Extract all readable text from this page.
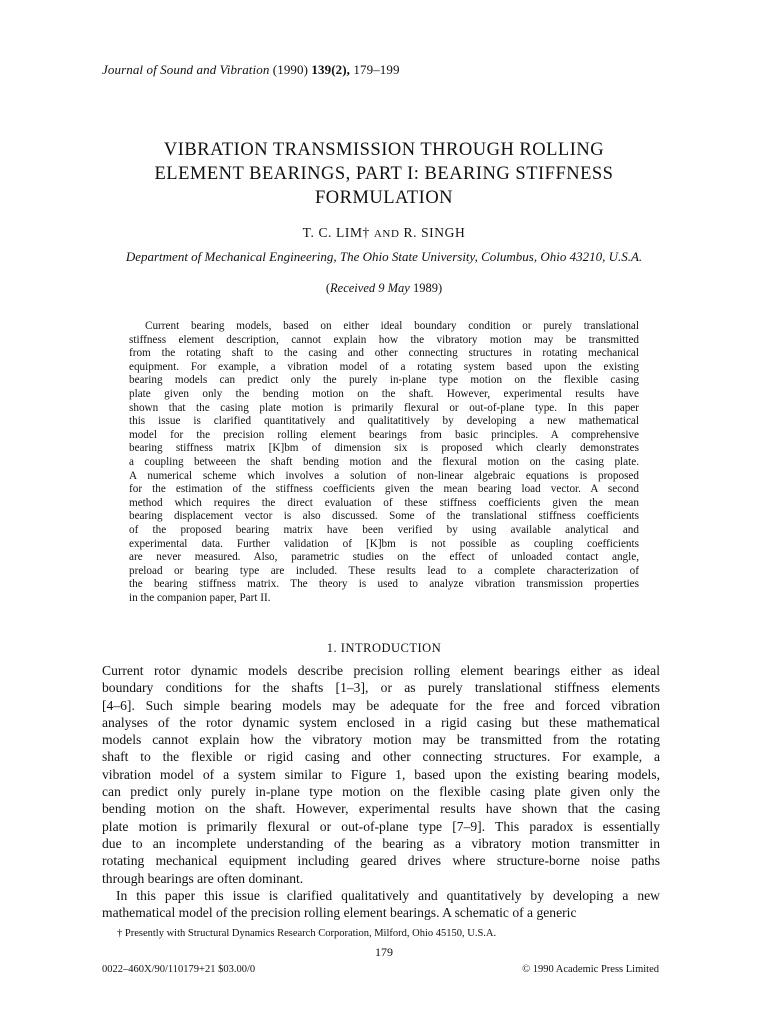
Journal of Sound and Vibration (1990) 139(2), 179–199
VIBRATION TRANSMISSION THROUGH ROLLING
ELEMENT BEARINGS, PART I: BEARING STIFFNESS
FORMULATION
T. C. LIM† AND R. SINGH
Department of Mechanical Engineering, The Ohio State University, Columbus, Ohio 43210, U.S.A.
(Received 9 May 1989)
Current bearing models, based on either ideal boundary condition or purely translational
stiffness element description, cannot explain how the vibratory motion may be transmitted
from the rotating shaft to the casing and other connecting structures in rotating mechanical
equipment. For example, a vibration model of a rotating system based upon the existing
bearing models can predict only the purely in-plane type motion on the flexible casing
plate given only the bending motion on the shaft. However, experimental results have
shown that the casing plate motion is primarily flexural or out-of-plane type. In this paper
this issue is clarified quantitatively and qualitatitively by developing a new mathematical
model for the precision rolling element bearings from basic principles. A comprehensive
bearing stiffness matrix [K]bm of dimension six is proposed which clearly demonstrates
a coupling betweeen the shaft bending motion and the flexural motion on the casing plate.
A numerical scheme which involves a solution of non-linear algebraic equations is proposed
for the estimation of the stiffness coefficients given the mean bearing load vector. A second
method which requires the direct evaluation of these stiffness coefficients given the mean
bearing displacement vector is also discussed. Some of the translational stiffness coefficients
of the proposed bearing matrix have been verified by using available analytical and
experimental data. Further validation of [K]bm is not possible as coupling coefficients
are never measured. Also, parametric studies on the effect of unloaded contact angle,
preload or bearing type are included. These results lead to a complete characterization of
the bearing stiffness matrix. The theory is used to analyze vibration transmission properties
in the companion paper, Part II.
1. INTRODUCTION
Current rotor dynamic models describe precision rolling element bearings either as ideal
boundary conditions for the shafts [1–3], or as purely translational stiffness elements
[4–6]. Such simple bearing models may be adequate for the free and forced vibration
analyses of the rotor dynamic system enclosed in a rigid casing but these mathematical
models cannot explain how the vibratory motion may be transmitted from the rotating
shaft to the flexible or rigid casing and other connecting structures. For example, a
vibration model of a system similar to Figure 1, based upon the existing bearing models,
can predict only purely in-plane type motion on the flexible casing plate given only the
bending motion on the shaft. However, experimental results have shown that the casing
plate motion is primarily flexural or out-of-plane type [7–9]. This paradox is essentially
due to an incomplete understanding of the bearing as a vibratory motion transmitter in
rotating mechanical equipment including geared drives where structure-borne noise paths
through bearings are often dominant.
In this paper this issue is clarified qualitatively and quantitatively by developing a new
mathematical model of the precision rolling element bearings. A schematic of a generic
† Presently with Structural Dynamics Research Corporation, Milford, Ohio 45150, U.S.A.
179
0022–460X/90/110179+21 $03.00/0	© 1990 Academic Press Limited
